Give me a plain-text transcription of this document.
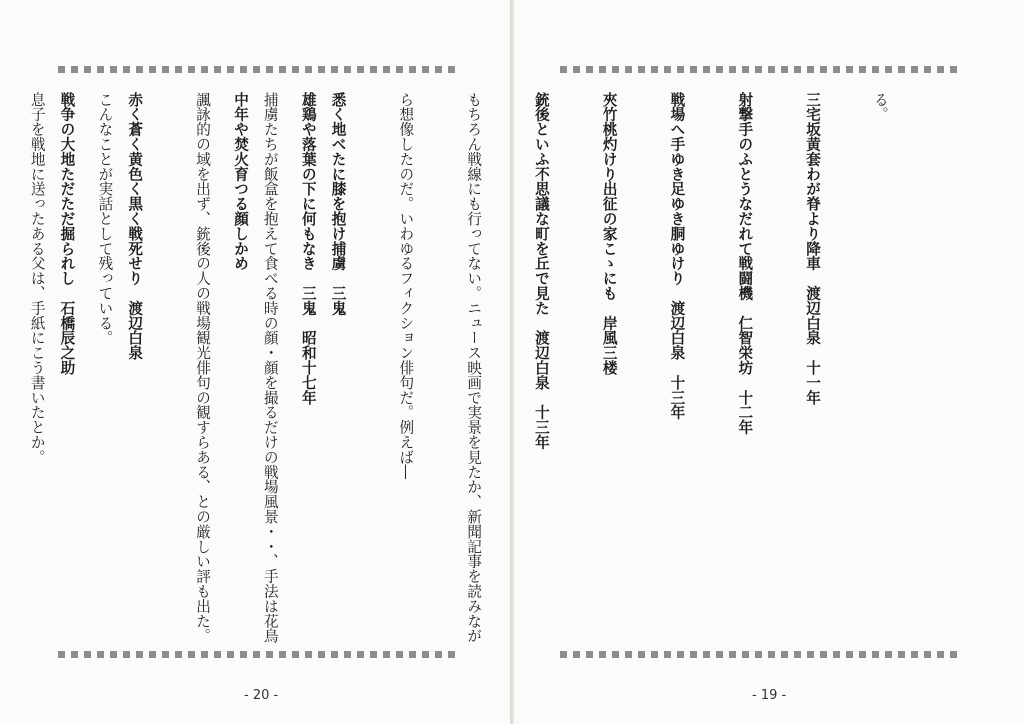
雄鶏や落葉の下に何もなき　三鬼　昭和十七年

中年や焚火育つる顔しかめ

こんなことが実話として残っている。

息子を戦地に送ったある父は、手紙にこう書いたとか。

- 20 -

る。

三宅坂黄套わが脊より降車　渡辺白泉　十一年

射撃手のふとうなだれて戦闘機　仁智栄坊　十二年

戦場へ手ゆき足ゆき胴ゆけり　渡辺白泉　十三年

夾竹桃灼けり出征の家こゝにも　岸風三楼

銃後といふ不思議な町を丘で見た　渡辺白泉　十三年

もちろん戦線にも行ってない。ニュース映画で実景を見たか、新聞記事を読みなが

ら想像したのだ。いわゆるフィクション俳句だ。例えば―

悉く地べたに膝を抱け捕虜　三鬼

捕虜たちが飯盒を抱えて食べる時の顔・顔を撮るだけの戦場風景・・、手法は花鳥

諷詠的の域を出ず、銃後の人の戦場観光俳句の観すらある、との厳しい評も出た。

赤く蒼く黄色く黒く戦死せり　渡辺白泉

戦争の大地ただただ掘られし　石橋辰之助

- 19 -
